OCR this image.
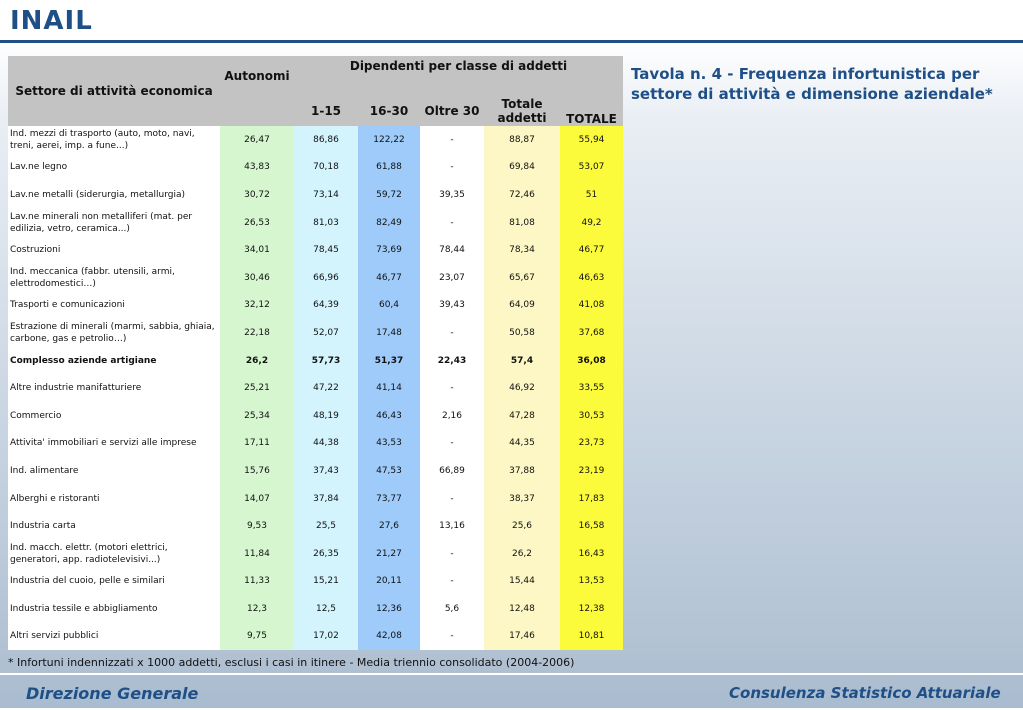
INAIL
Tavola n. 4 - Frequenza infortunistica per settore di attività e dimensione aziendale*
Settore di attività economica	Autonomi	Dipendenti per classe di addetti				

		1-15	16-30	Oltre 30	Totale addetti	TOTALE
Ind. mezzi di trasporto (auto, moto, navi, treni, aerei, imp. a fune...)	26,47	86,86	122,22	-	88,87	55,94
Lav.ne legno	43,83	70,18	61,88	-	69,84	53,07
Lav.ne metalli (siderurgia, metallurgia)	30,72	73,14	59,72	39,35	72,46	51
Lav.ne minerali non metalliferi (mat. per edilizia, vetro, ceramica...)	26,53	81,03	82,49	-	81,08	49,2
Costruzioni	34,01	78,45	73,69	78,44	78,34	46,77
Ind. meccanica (fabbr. utensili, armi, elettrodomestici…)	30,46	66,96	46,77	23,07	65,67	46,63
Trasporti e comunicazioni	32,12	64,39	60,4	39,43	64,09	41,08
Estrazione di minerali (marmi, sabbia, ghiaia, carbone, gas e petrolio…)	22,18	52,07	17,48	-	50,58	37,68
Complesso aziende artigiane	26,2	57,73	51,37	22,43	57,4	36,08
Altre industrie manifatturiere	25,21	47,22	41,14	-	46,92	33,55
Commercio	25,34	48,19	46,43	2,16	47,28	30,53
Attivita' immobiliari e servizi alle imprese	17,11	44,38	43,53	-	44,35	23,73
Ind. alimentare	15,76	37,43	47,53	66,89	37,88	23,19
Alberghi e ristoranti	14,07	37,84	73,77	-	38,37	17,83
Industria carta	9,53	25,5	27,6	13,16	25,6	16,58
Ind. macch. elettr. (motori elettrici, generatori, app. radiotelevisivi...)	11,84	26,35	21,27	-	26,2	16,43
Industria del cuoio, pelle e similari	11,33	15,21	20,11	-	15,44	13,53
Industria tessile e abbigliamento	12,3	12,5	12,36	5,6	12,48	12,38
Altri servizi pubblici	9,75	17,02	42,08	-	17,46	10,81
* Infortuni indennizzati x 1000 addetti, esclusi i casi in itinere - Media triennio consolidato (2004-2006)
Direzione Generale	Consulenza Statistico Attuariale
